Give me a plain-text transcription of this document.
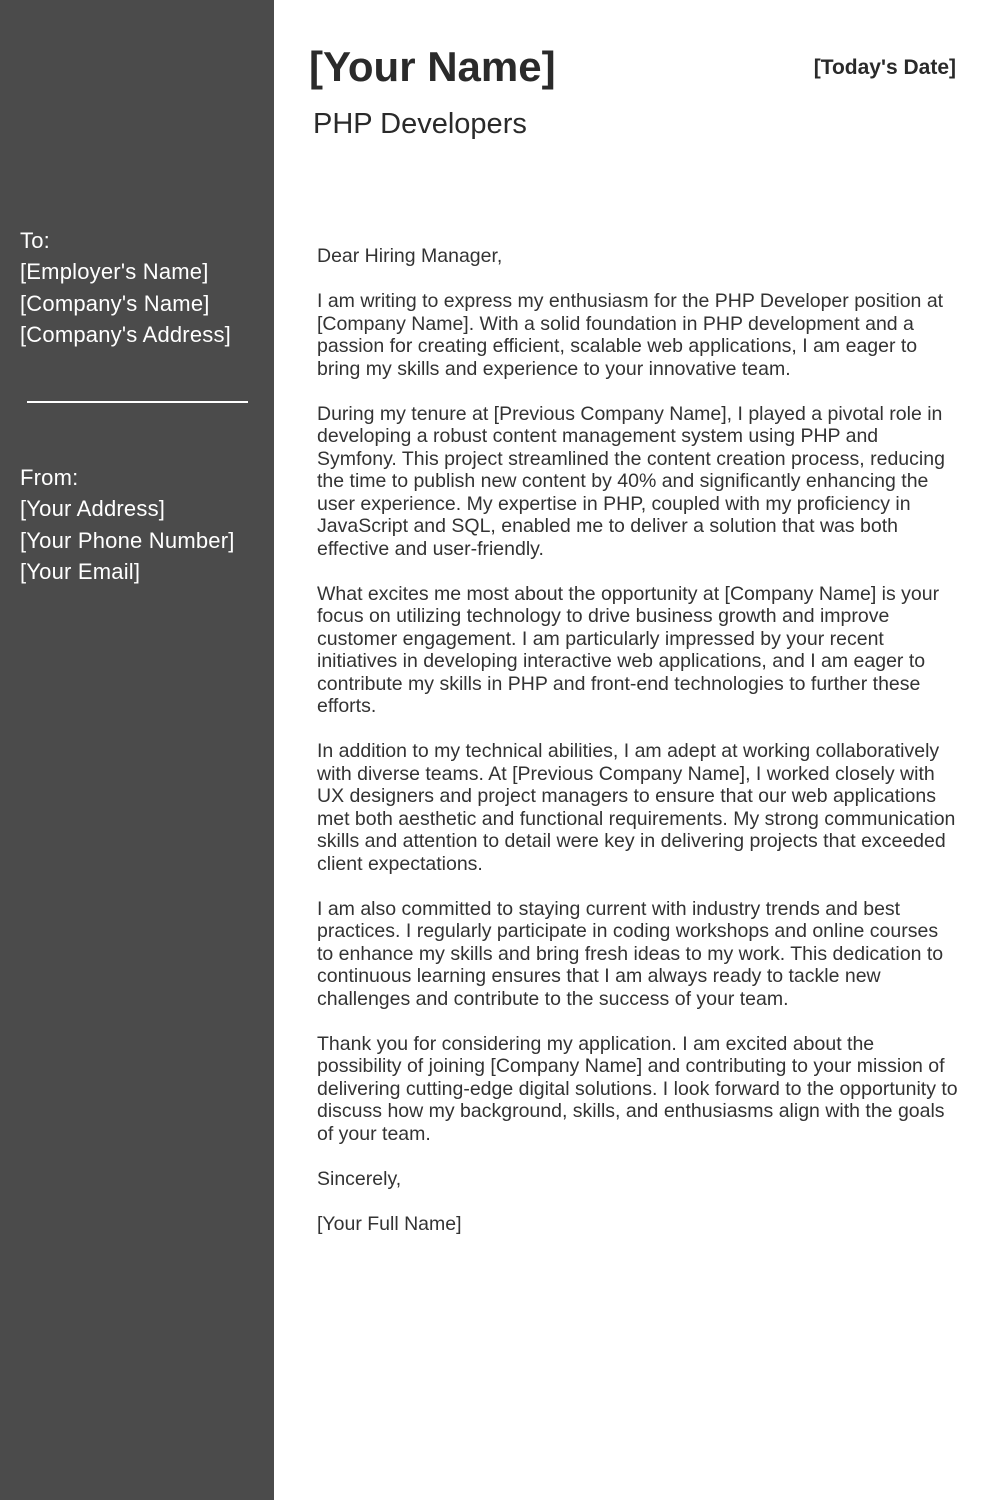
To:
[Employer's Name]
[Company's Name]
[Company's Address]
From:
[Your Address]
[Your Phone Number]
[Your Email]
[Your Name]	[Today's Date]
PHP Developers

Dear Hiring Manager,

I am writing to express my enthusiasm for the PHP Developer position at [Company Name]. With a solid foundation in PHP development and a passion for creating efficient, scalable web applications, I am eager to bring my skills and experience to your innovative team.

During my tenure at [Previous Company Name], I played a pivotal role in developing a robust content management system using PHP and Symfony. This project streamlined the content creation process, reducing the time to publish new content by 40% and significantly enhancing the user experience. My expertise in PHP, coupled with my proficiency in JavaScript and SQL, enabled me to deliver a solution that was both effective and user-friendly.

What excites me most about the opportunity at [Company Name] is your focus on utilizing technology to drive business growth and improve customer engagement. I am particularly impressed by your recent initiatives in developing interactive web applications, and I am eager to contribute my skills in PHP and front-end technologies to further these efforts.

In addition to my technical abilities, I am adept at working collaboratively with diverse teams. At [Previous Company Name], I worked closely with UX designers and project managers to ensure that our web applications met both aesthetic and functional requirements. My strong communication skills and attention to detail were key in delivering projects that exceeded client expectations.

I am also committed to staying current with industry trends and best practices. I regularly participate in coding workshops and online courses to enhance my skills and bring fresh ideas to my work. This dedication to continuous learning ensures that I am always ready to tackle new challenges and contribute to the success of your team.

Thank you for considering my application. I am excited about the possibility of joining [Company Name] and contributing to your mission of delivering cutting-edge digital solutions. I look forward to the opportunity to discuss how my background, skills, and enthusiasms align with the goals of your team.

Sincerely,

[Your Full Name]
